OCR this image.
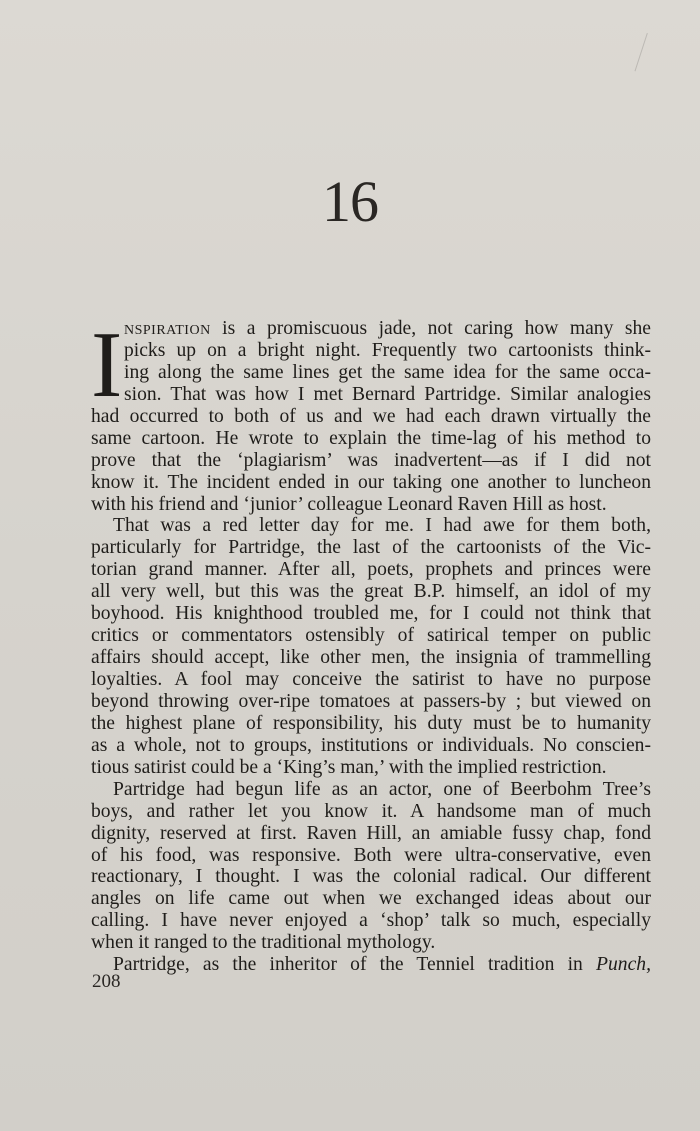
16
I nspiration is a promiscuous jade, not caring how many she
picks up on a bright night. Frequently two cartoonists think-
ing along the same lines get the same idea for the same occa-
sion. That was how I met Bernard Partridge. Similar analogies
had occurred to both of us and we had each drawn virtually the
same cartoon. He wrote to explain the time-lag of his method to
prove that the ‘plagiarism’ was inadvertent—as if I did not
know it. The incident ended in our taking one another to luncheon
with his friend and ‘junior’ colleague Leonard Raven Hill as host.
That was a red letter day for me. I had awe for them both,
particularly for Partridge, the last of the cartoonists of the Vic-
torian grand manner. After all, poets, prophets and princes were
all very well, but this was the great B.P. himself, an idol of my
boyhood. His knighthood troubled me, for I could not think that
critics or commentators ostensibly of satirical temper on public
affairs should accept, like other men, the insignia of trammelling
loyalties. A fool may conceive the satirist to have no purpose
beyond throwing over-ripe tomatoes at passers-by ; but viewed on
the highest plane of responsibility, his duty must be to humanity
as a whole, not to groups, institutions or individuals. No conscien-
tious satirist could be a ‘King’s man,’ with the implied restriction.
Partridge had begun life as an actor, one of Beerbohm Tree’s
boys, and rather let you know it. A handsome man of much
dignity, reserved at first. Raven Hill, an amiable fussy chap, fond
of his food, was responsive. Both were ultra-conservative, even
reactionary, I thought. I was the colonial radical. Our different
angles on life came out when we exchanged ideas about our
calling. I have never enjoyed a ‘shop’ talk so much, especially
when it ranged to the traditional mythology.
Partridge, as the inheritor of the Tenniel tradition in Punch,
208
